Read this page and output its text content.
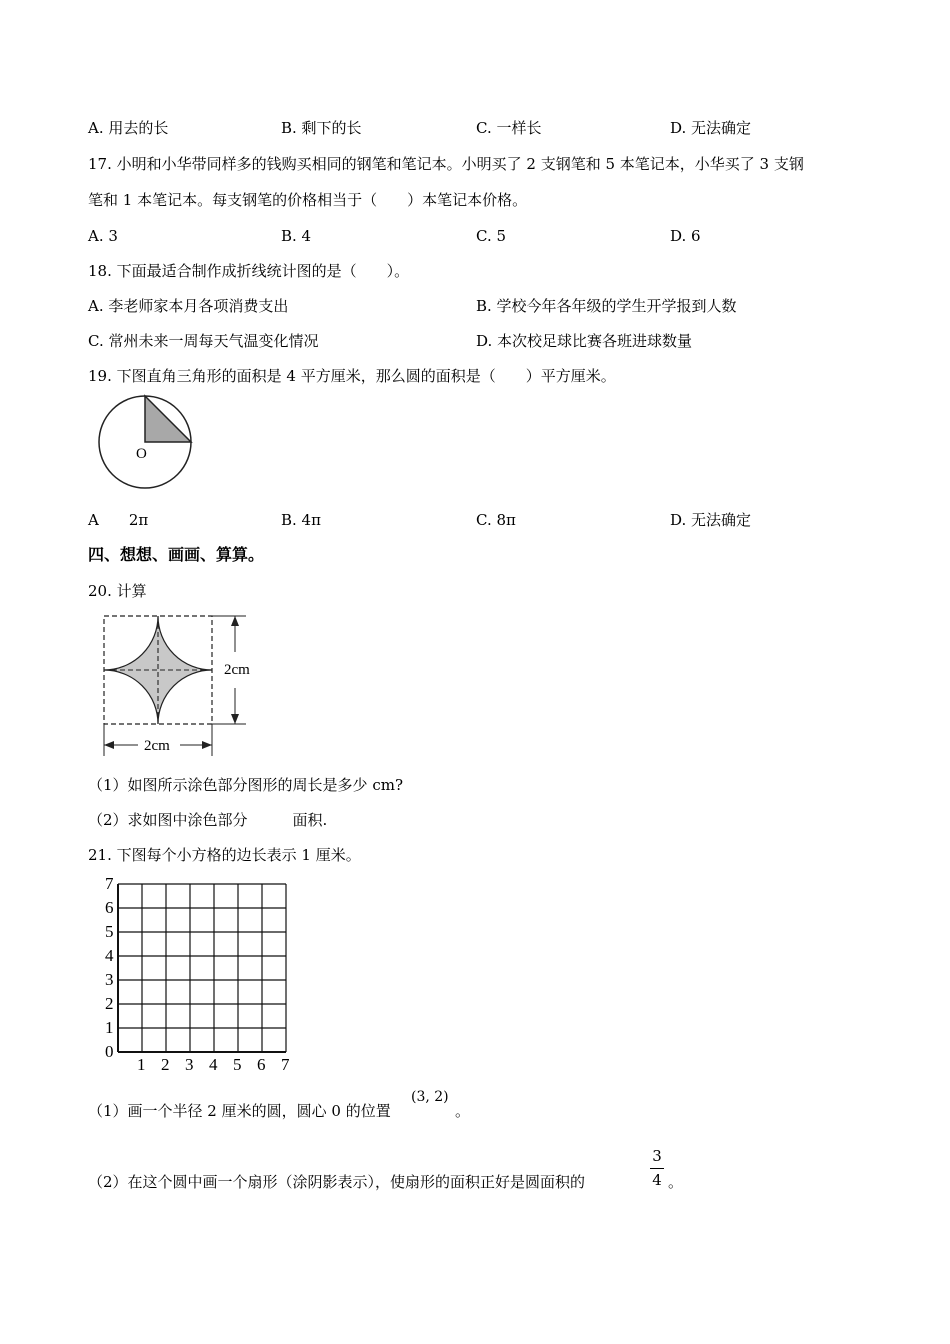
A. 用去的长	B. 剩下的长	C. 一样长	D. 无法确定
17. 小明和小华带同样多的钱购买相同的钢笔和笔记本。小明买了 2 支钢笔和 5 本笔记本，小华买了 3 支钢
笔和 1 本笔记本。每支钢笔的价格相当于（　　）本笔记本价格。
A. 3	B. 4	C. 5	D. 6
18. 下面最适合制作成折线统计图的是（　　）。
A. 李老师家本月各项消费支出	B. 学校今年各年级的学生开学报到人数
C. 常州未来一周每天气温变化情况	D. 本次校足球比赛各班进球数量
19. 下图直角三角形的面积是 4 平方厘米，那么圆的面积是（　　）平方厘米。
O
A　　2π	B. 4π	C. 8π	D. 无法确定
四、想想、画画、算算。
20. 计算
2cm
2cm
（1）如图所示涂色部分图形的周长是多少 cm?
（2）求如图中涂色部分　　　面积.
21. 下图每个小方格的边长表示 1 厘米。
0
1
2
3
4
5
6
7
1 2 3 4 5 6 7
（1）画一个半径 2 厘米的圆，圆心 0 的位置
(3, 2)
。
（2）在这个圆中画一个扇形（涂阴影表示），使扇形的面积正好是圆面积的
3
4 。
